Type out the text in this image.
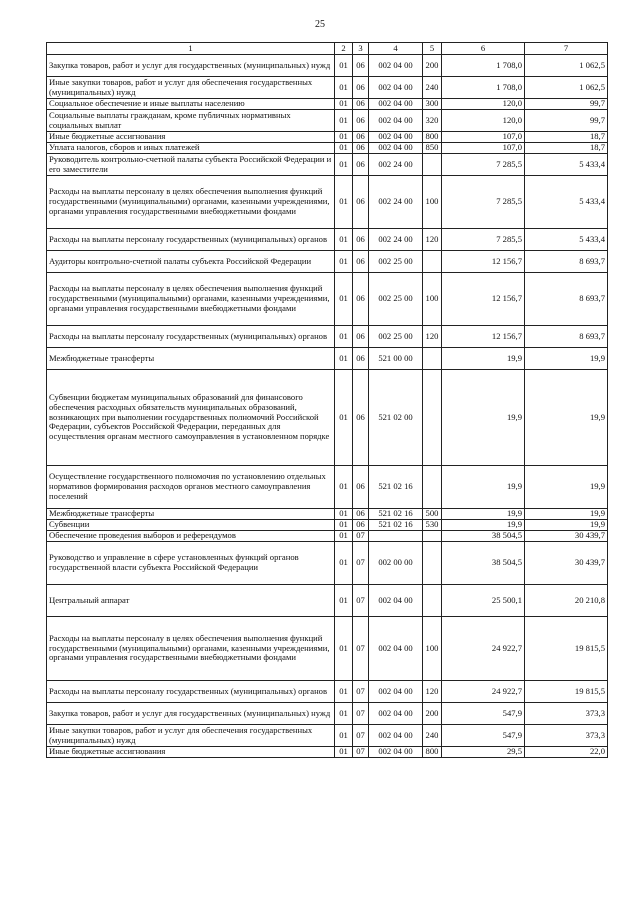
25
1	2	3	4	5	6	7
Закупка товаров, работ и услуг для государственных (муниципальных) нужд	01	06	002 04 00	200	1 708,0	1 062,5
Иные закупки товаров, работ и услуг для обеспечения государственных (муниципальных) нужд	01	06	002 04 00	240	1 708,0	1 062,5
Социальное обеспечение и иные выплаты населению	01	06	002 04 00	300	120,0	99,7
Социальные выплаты гражданам, кроме публичных нормативных социальных выплат	01	06	002 04 00	320	120,0	99,7
Иные бюджетные ассигнования	01	06	002 04 00	800	107,0	18,7
Уплата налогов, сборов и иных платежей	01	06	002 04 00	850	107,0	18,7
Руководитель контрольно-счетной палаты субъекта Российской Федерации и его заместители	01	06	002 24 00		7 285,5	5 433,4
Расходы на выплаты персоналу в целях обеспечения выполнения функций государственными (муниципальными) органами, казенными учреждениями, органами управления государственными внебюджетными фондами	01	06	002 24 00	100	7 285,5	5 433,4
Расходы на выплаты персоналу государственных (муниципальных) органов	01	06	002 24 00	120	7 285,5	5 433,4
Аудиторы контрольно-счетной палаты субъекта Российской Федерации	01	06	002 25 00		12 156,7	8 693,7
Расходы на выплаты персоналу в целях обеспечения выполнения функций государственными (муниципальными) органами, казенными учреждениями, органами управления государственными внебюджетными фондами	01	06	002 25 00	100	12 156,7	8 693,7
Расходы на выплаты персоналу государственных (муниципальных) органов	01	06	002 25 00	120	12 156,7	8 693,7
Межбюджетные трансферты	01	06	521 00 00		19,9	19,9
Субвенции бюджетам муниципальных образований для финансового обеспечения расходных обязательств муниципальных образований, возникающих при выполнении государственных полномочий Российской Федерации, субъектов Российской Федерации, переданных для осуществления органам местного самоуправления в установленном порядке	01	06	521 02 00		19,9	19,9
Осуществление государственного полномочия по установлению отдельных нормативов формирования расходов органов местного самоуправления поселений	01	06	521 02 16		19,9	19,9
Межбюджетные трансферты	01	06	521 02 16	500	19,9	19,9
Субвенции	01	06	521 02 16	530	19,9	19,9
Обеспечение проведения выборов и референдумов	01	07			38 504,5	30 439,7
Руководство и управление в сфере установленных функций органов государственной власти субъекта Российской Федерации	01	07	002 00 00		38 504,5	30 439,7
Центральный аппарат	01	07	002 04 00		25 500,1	20 210,8
Расходы на выплаты персоналу в целях обеспечения выполнения функций государственными (муниципальными) органами, казенными учреждениями, органами управления государственными внебюджетными фондами	01	07	002 04 00	100	24 922,7	19 815,5
Расходы на выплаты персоналу государственных (муниципальных) органов	01	07	002 04 00	120	24 922,7	19 815,5
Закупка товаров, работ и услуг для государственных (муниципальных) нужд	01	07	002 04 00	200	547,9	373,3
Иные закупки товаров, работ и услуг для обеспечения государственных (муниципальных) нужд	01	07	002 04 00	240	547,9	373,3
Иные бюджетные ассигнования	01	07	002 04 00	800	29,5	22,0
